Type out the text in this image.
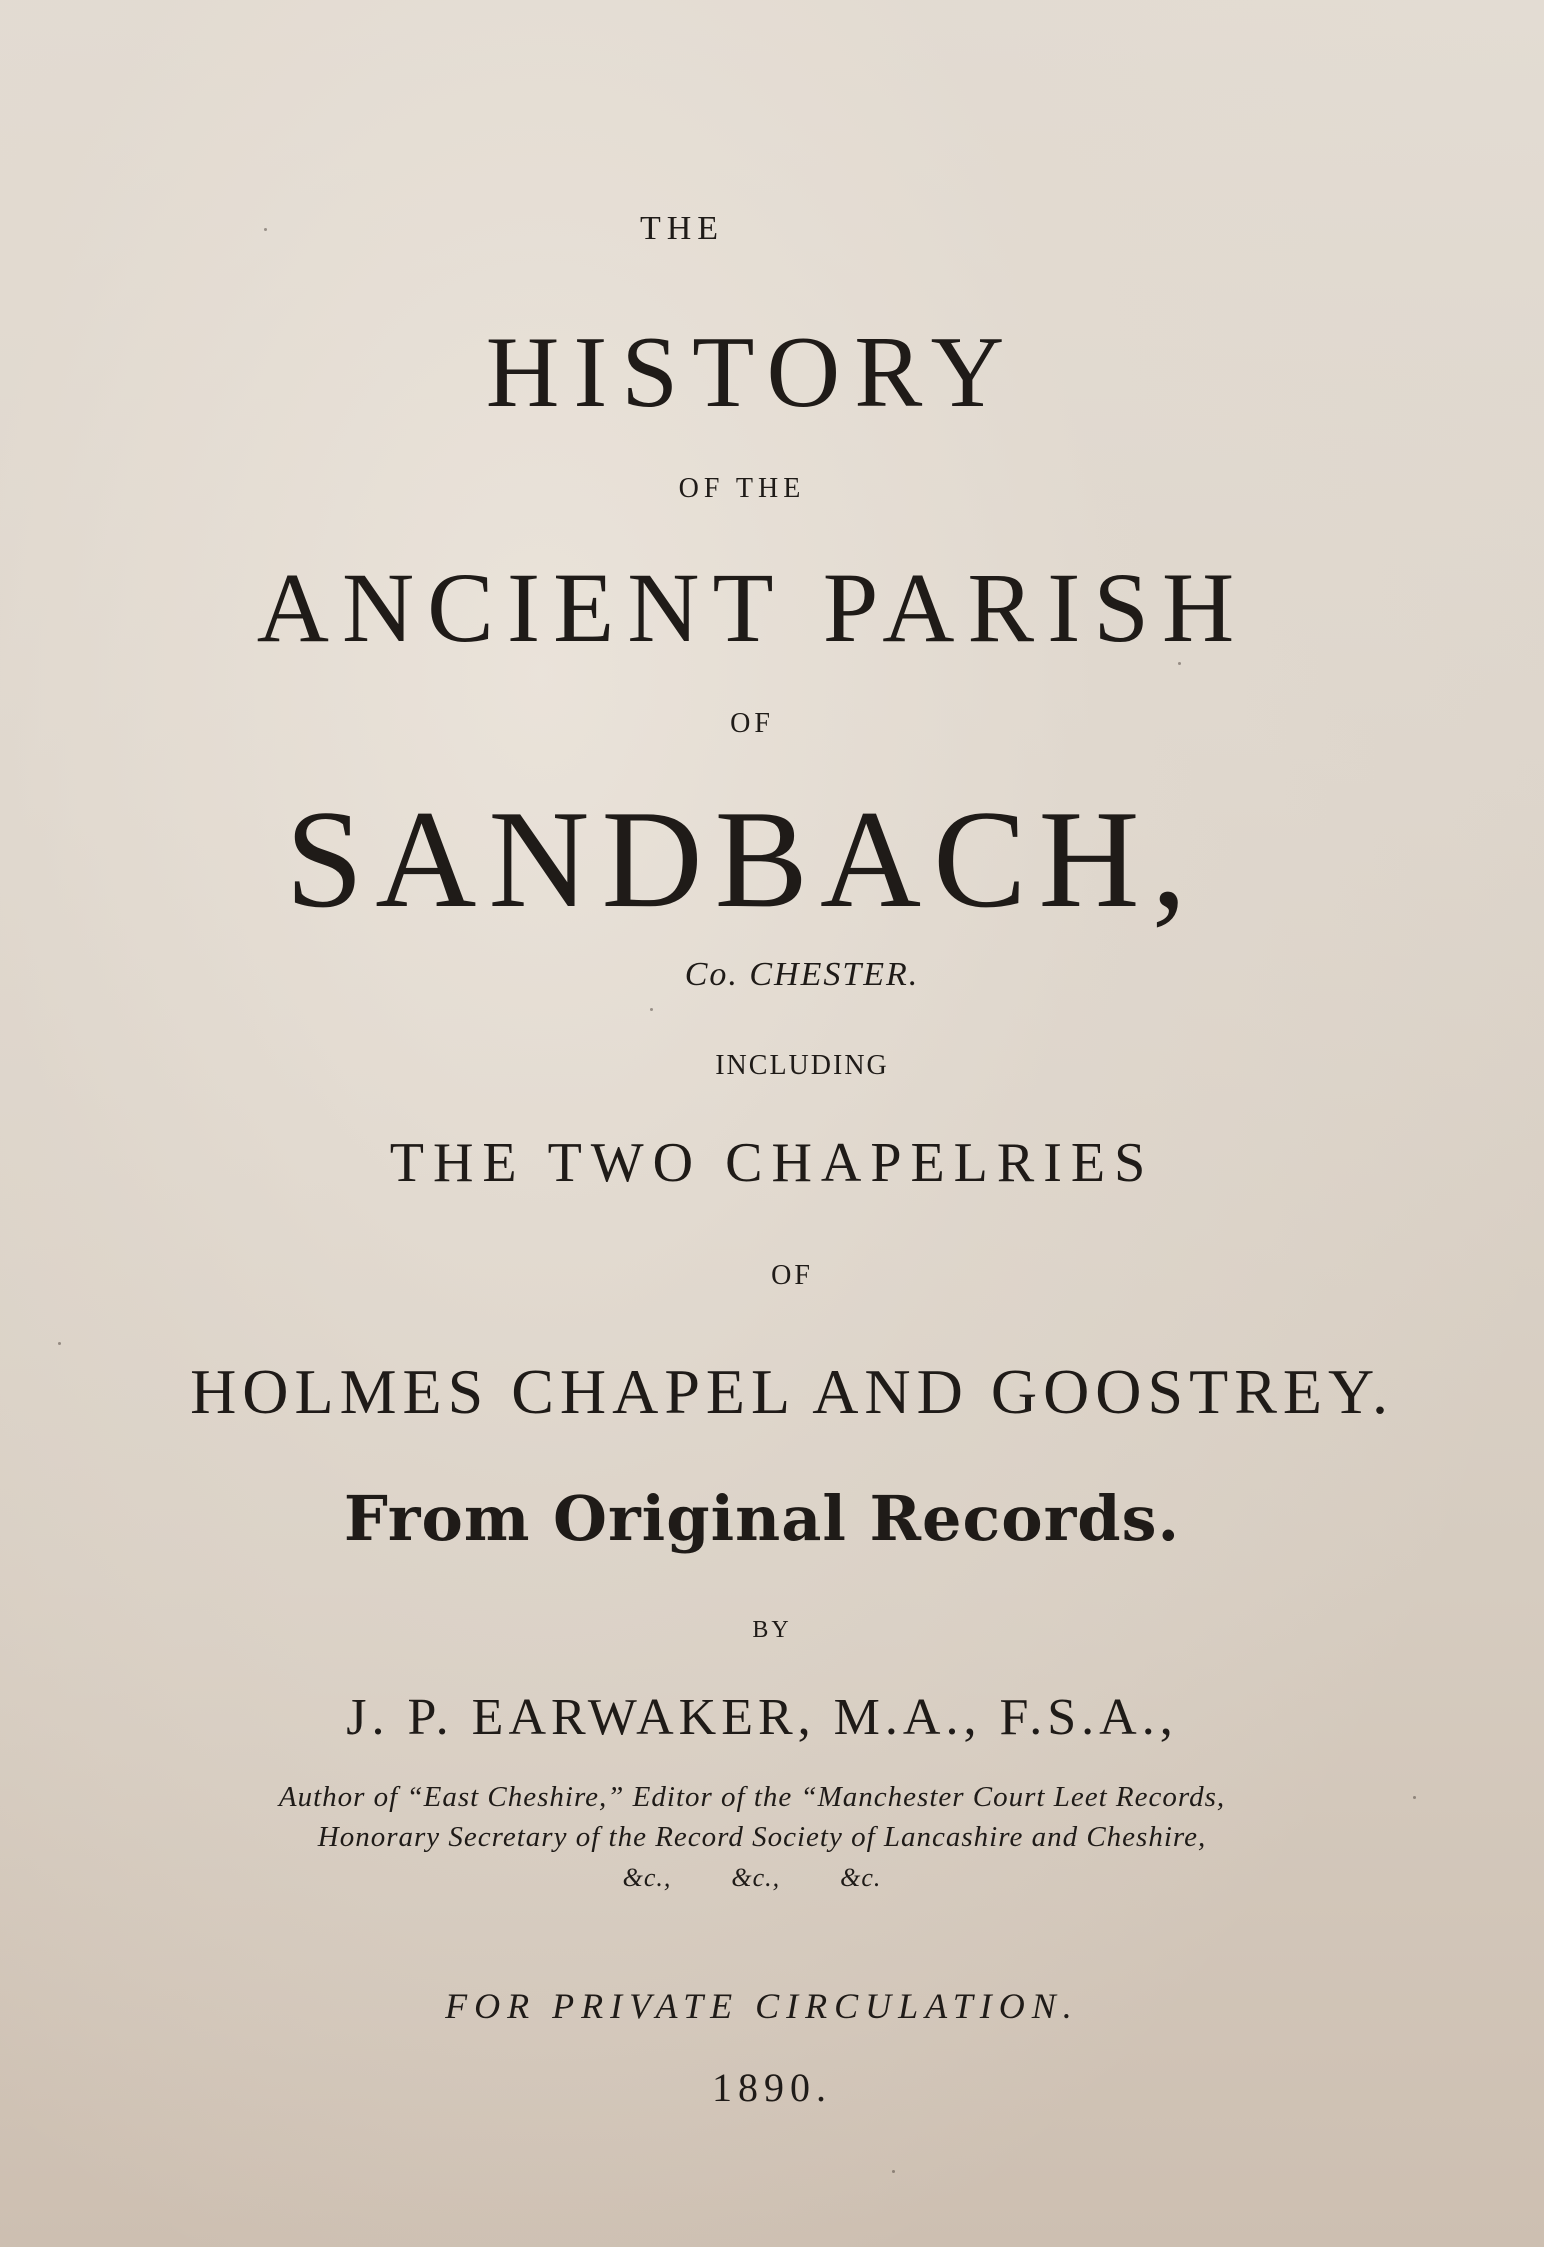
THE
HISTORY
OF THE
ANCIENT PARISH
OF
SANDBACH,
Co. CHESTER.
INCLUDING
THE TWO CHAPELRIES
OF
HOLMES CHAPEL AND GOOSTREY.
From Original Records.
BY
J. P. EARWAKER, M.A., F.S.A.,
Author of “East Cheshire,” Editor of the “Manchester Court Leet Records,
Honorary Secretary of the Record Society of Lancashire and Cheshire,
&c.,        &c.,        &c.
FOR PRIVATE CIRCULATION.
1890.
